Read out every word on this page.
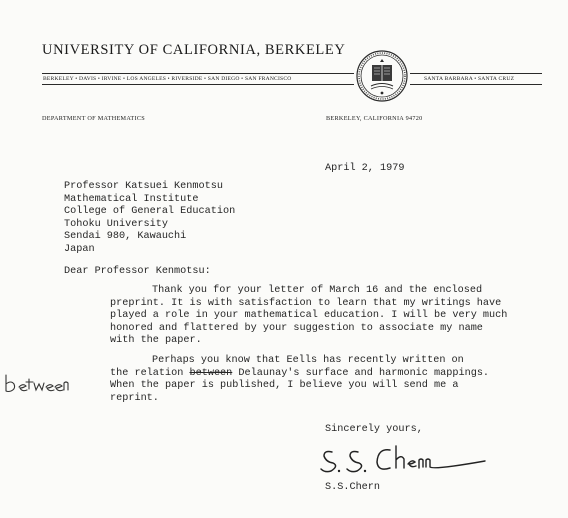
UNIVERSITY OF CALIFORNIA, BERKELEY
BERKELEY • DAVIS • IRVINE • LOS ANGELES • RIVERSIDE • SAN DIEGO • SAN FRANCISCO	SANTA BARBARA • SANTA CRUZ
DEPARTMENT OF MATHEMATICS	BERKELEY, CALIFORNIA 94720
April 2, 1979
Professor Katsuei Kenmotsu
Mathematical Institute
College of General Education
Tohoku University
Sendai 980, Kawauchi
Japan
Dear Professor Kenmotsu:
Thank you for your letter of March 16 and the enclosed
preprint. It is with satisfaction to learn that my writings have
played a role in your mathematical education. I will be very much
honored and flattered by your suggestion to associate my name
with the paper.
Perhaps you know that Eells has recently written on
the relation between Delaunay's surface and harmonic mappings.
When the paper is published, I believe you will send me a
reprint.
Sincerely yours,
S.S.Chern
